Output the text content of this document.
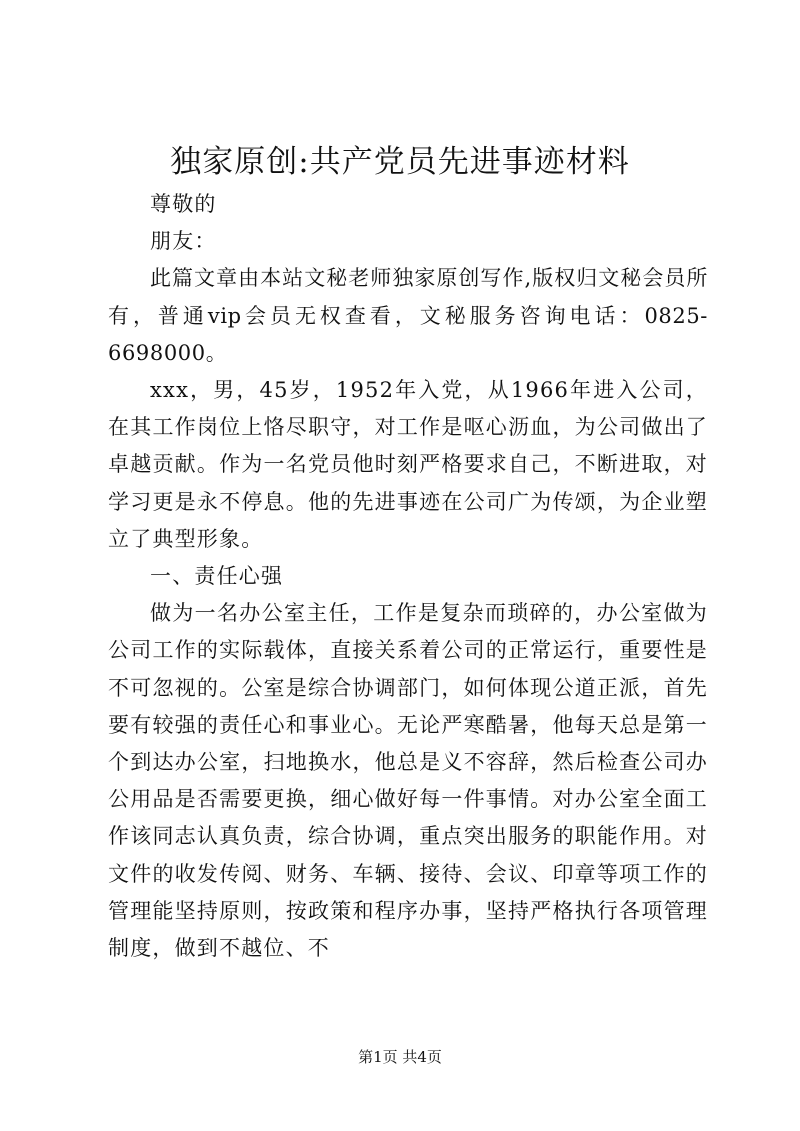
独家原创:共产党员先进事迹材料

尊敬的

朋友：

此篇文章由本站文秘老师独家原创写作,版权归文秘会员所有，普通vip会员无权查看，文秘服务咨询电话：0825-6698000。

xxx，男，45岁，1952年入党，从1966年进入公司，在其工作岗位上恪尽职守，对工作是呕心沥血，为公司做出了卓越贡献。作为一名党员他时刻严格要求自己，不断进取，对学习更是永不停息。他的先进事迹在公司广为传颂，为企业塑立了典型形象。

一、责任心强

做为一名办公室主任，工作是复杂而琐碎的，办公室做为公司工作的实际载体，直接关系着公司的正常运行，重要性是不可忽视的。公室是综合协调部门，如何体现公道正派，首先要有较强的责任心和事业心。无论严寒酷暑，他每天总是第一个到达办公室，扫地换水，他总是义不容辞，然后检查公司办公用品是否需要更换，细心做好每一件事情。对办公室全面工作该同志认真负责，综合协调，重点突出服务的职能作用。对文件的收发传阅、财务、车辆、接待、会议、印章等项工作的管理能坚持原则，按政策和程序办事，坚持严格执行各项管理制度，做到不越位、不

第1页 共4页
